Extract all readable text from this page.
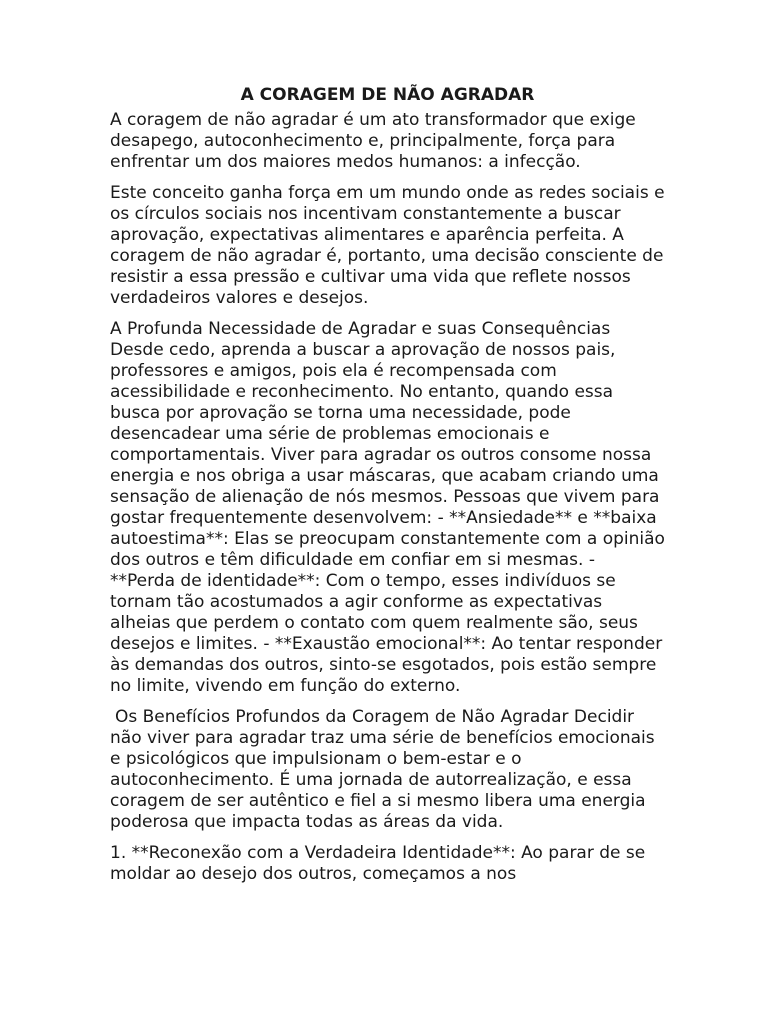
A CORAGEM DE NÃO AGRADAR

A coragem de não agradar é um ato transformador que exige desapego, autoconhecimento e, principalmente, força para enfrentar um dos maiores medos humanos: a infecção.

Este conceito ganha força em um mundo onde as redes sociais e os círculos sociais nos incentivam constantemente a buscar aprovação, expectativas alimentares e aparência perfeita. A coragem de não agradar é, portanto, uma decisão consciente de resistir a essa pressão e cultivar uma vida que reflete nossos verdadeiros valores e desejos.

A Profunda Necessidade de Agradar e suas Consequências Desde cedo, aprenda a buscar a aprovação de nossos pais, professores e amigos, pois ela é recompensada com acessibilidade e reconhecimento. No entanto, quando essa busca por aprovação se torna uma necessidade, pode desencadear uma série de problemas emocionais e comportamentais. Viver para agradar os outros consome nossa energia e nos obriga a usar máscaras, que acabam criando uma sensação de alienação de nós mesmos. Pessoas que vivem para gostar frequentemente desenvolvem: - **Ansiedade** e **baixa autoestima**: Elas se preocupam constantemente com a opinião dos outros e têm dificuldade em confiar em si mesmas. - **Perda de identidade**: Com o tempo, esses indivíduos se tornam tão acostumados a agir conforme as expectativas alheias que perdem o contato com quem realmente são, seus desejos e limites. - **Exaustão emocional**: Ao tentar responder às demandas dos outros, sinto-se esgotados, pois estão sempre no limite, vivendo em função do externo.

Os Benefícios Profundos da Coragem de Não Agradar Decidir não viver para agradar traz uma série de benefícios emocionais e psicológicos que impulsionam o bem-estar e o autoconhecimento. É uma jornada de autorrealização, e essa coragem de ser autêntico e fiel a si mesmo libera uma energia poderosa que impacta todas as áreas da vida.

1. **Reconexão com a Verdadeira Identidade**: Ao parar de se moldar ao desejo dos outros, começamos a nos
